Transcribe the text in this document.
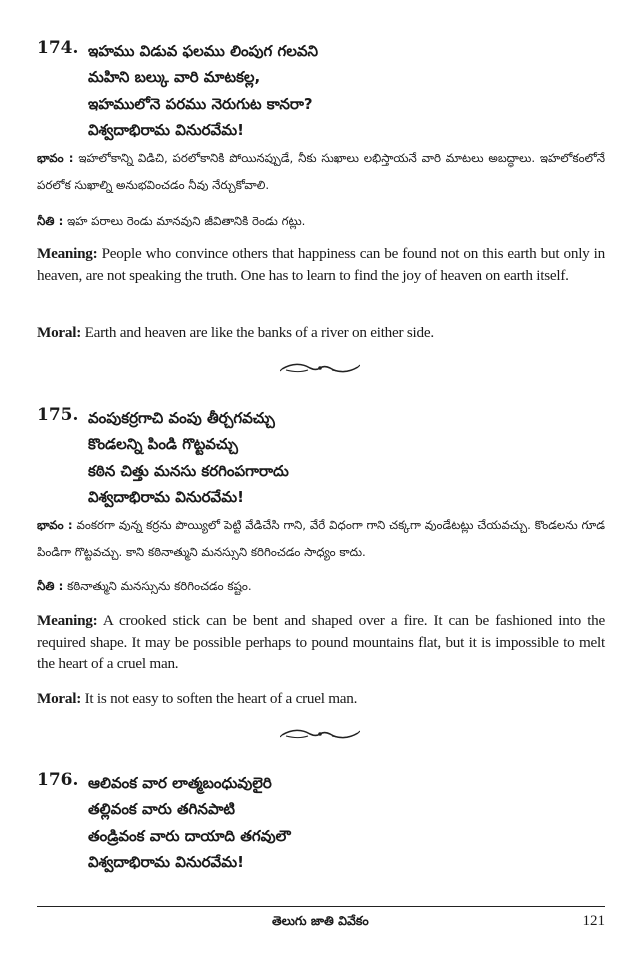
174. ఇహము విడువ ఫలము లింపుగ గలవని
మహిని బల్కు వారి మాటకల్ల,
ఇహములోనె పరము నెరుగుట కానరా?
విశ్వదాభిరామ వినురవేమ!
భావం : ఇహలోకాన్ని విడిచి, పరలోకానికి పోయినప్పుడే, నీకు సుఖాలు లభిస్తాయనే వారి మాటలు అబద్ధాలు. ఇహలోకంలోనే పరలోక సుఖాల్ని అనుభవించడం నీవు నేర్చుకోవాలి.
నీతి : ఇహ పరాలు రెండు మానవుని జీవితానికి రెండు గట్లు.
Meaning: People who convince others that happiness can be found not on this earth but only in heaven, are not speaking the truth. One has to learn to find the joy of heaven on earth itself.
Moral: Earth and heaven are like the banks of a river on either side.
175. వంపుకర్రగాచి వంపు తీర్చగవచ్చు
కొండలన్ని పిండి గొట్టవచ్చు
కఠిన చిత్తు మనసు కరగింపగారాదు
విశ్వదాభిరామ వినురవేమ!
భావం : వంకరగా వున్న కర్రను పొయ్యిలో పెట్టి వేడిచేసి గాని, వేరే విధంగా గాని చక్కగా వుండేటట్లు చేయవచ్చు. కొండలను గూడ పిండిగా గొట్టవచ్చు. కాని కఠినాత్ముని మనస్సుని కరిగించడం సాధ్యం కాదు.
నీతి : కఠినాత్ముని మనస్సును కరిగించడం కష్టం.
Meaning: A crooked stick can be bent and shaped over a fire. It can be fashioned into the required shape. It may be possible perhaps to pound mountains flat, but it is impossible to melt the heart of a cruel man.
Moral: It is not easy to soften the heart of a cruel man.
176. ఆలివంక వార లాత్మబంధువులైరి
తల్లివంక వారు తగినపాటి
తండ్రివంక వారు దాయాది తగవులౌ
విశ్వదాభిరామ వినురవేమ!
తెలుగు జాతి వివేకం	121
